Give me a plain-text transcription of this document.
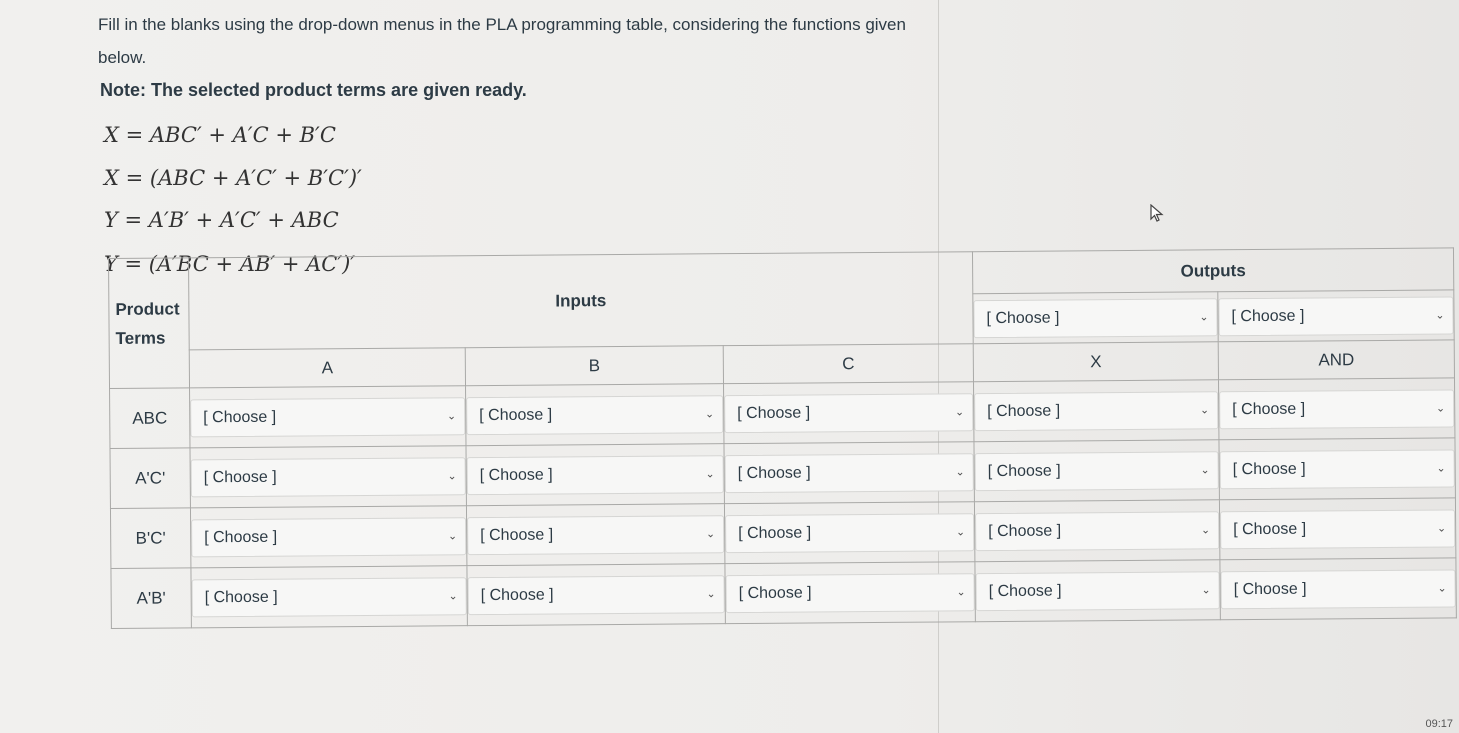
Fill in the blanks using the drop-down menus in the PLA programming table, considering the functions given below.
Note: The selected product terms are given ready.
X = ABC′ + A′C + B′C
X = (ABC + A′C′ + B′C′)′
Y = A′B′ + A′C′ + ABC
Y = (A′BC + AB′ + AC′)′
Product Terms	Inputs			Outputs	

				[ Choose ] ⌄	[ Choose ] ⌄

	A	B	C	X	AND
ABC	[ Choose ] ⌄	[ Choose ] ⌄	[ Choose ] ⌄	[ Choose ] ⌄	[ Choose ] ⌄

A'C'	[ Choose ] ⌄	[ Choose ] ⌄	[ Choose ] ⌄	[ Choose ] ⌄	[ Choose ] ⌄

B'C'	[ Choose ] ⌄	[ Choose ] ⌄	[ Choose ] ⌄	[ Choose ] ⌄	[ Choose ] ⌄

A'B'	[ Choose ] ⌄	[ Choose ] ⌄	[ Choose ] ⌄	[ Choose ] ⌄	[ Choose ] ⌄
09:17
